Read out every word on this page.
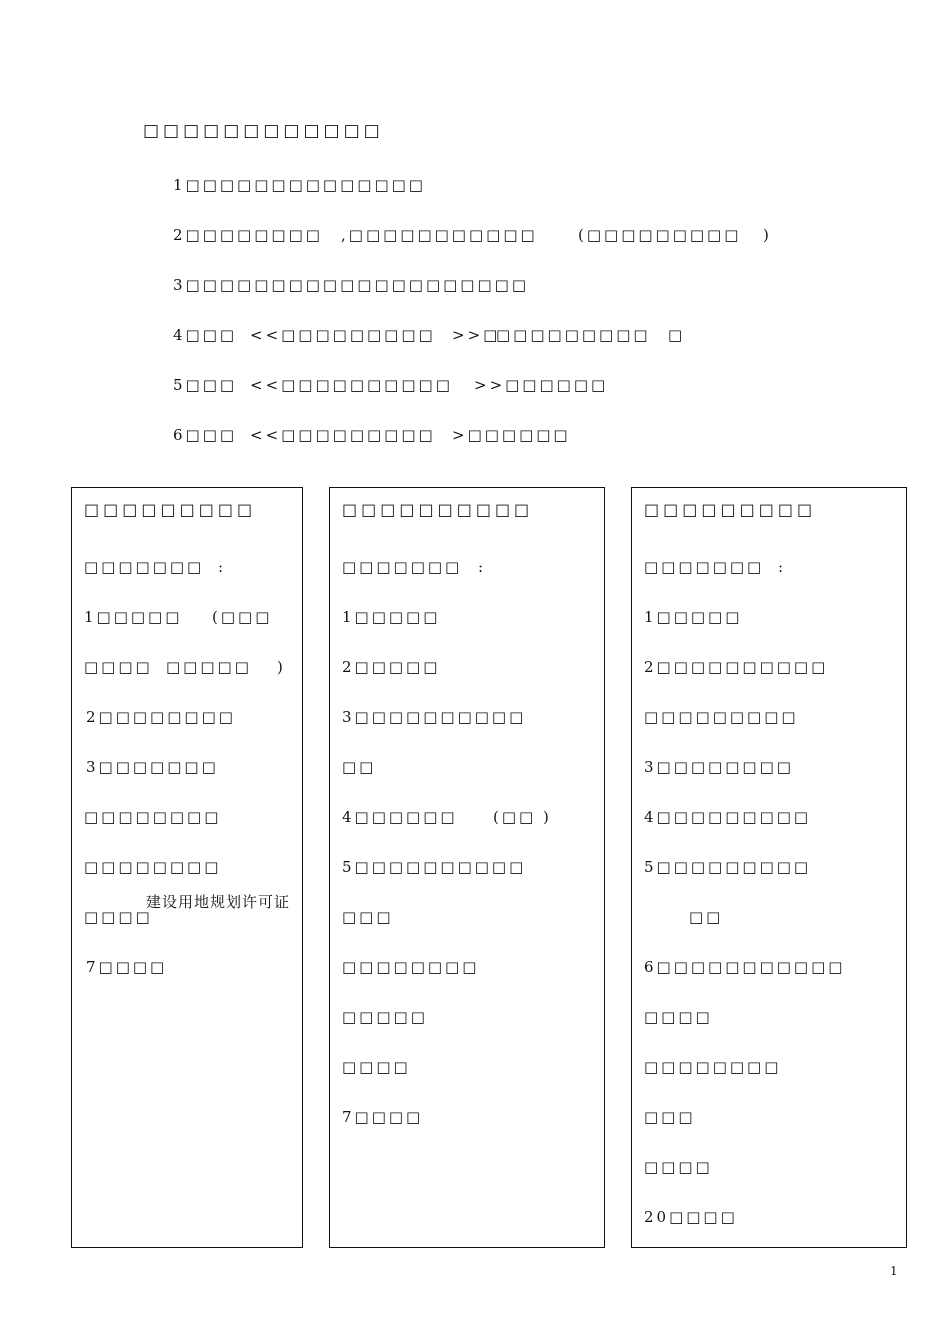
□□□□□□□□□□□□
1□□□□□□□□□□□□□□
2□□□□□□□□ ,□□□□□□□□□□□	(□□□□□□□□□ )
3□□□□□□□□□□□□□□□□□□□□
4□□□ <<□□□□□□□□□ >>□
□□□□□□□□□ □
5□□□ <<□□□□□□□□□□ >>□□□□□□
6□□□ <<□□□□□□□□□ >□□□□□□
□□□□□□□□□
□□□□□□□ :
1□□□□□ (□□□
□□□□ □□□□□ )
2□□□□□□□□
3□□□□□□□
□□□□□□□□
□□□□□□□□
□□□□
建设用地规划许可证
7□□□□
□□□□□□□□□□
□□□□□□□ :
1□□□□□
2□□□□□
3□□□□□□□□□□
□□
4□□□□□□ (□□ )
5□□□□□□□□□□
□□□
□□□□□□□□
□□□□□
□□□□
7□□□□
□□□□□□□□□
□□□□□□□ :
1□□□□□
2□□□□□□□□□□
□□□□□□□□□
3□□□□□□□□
4□□□□□□□□□
5□□□□□□□□□
□□
6□□□□□□□□□□□
□□□□
□□□□□□□□
□□□
□□□□
20□□□□
1
